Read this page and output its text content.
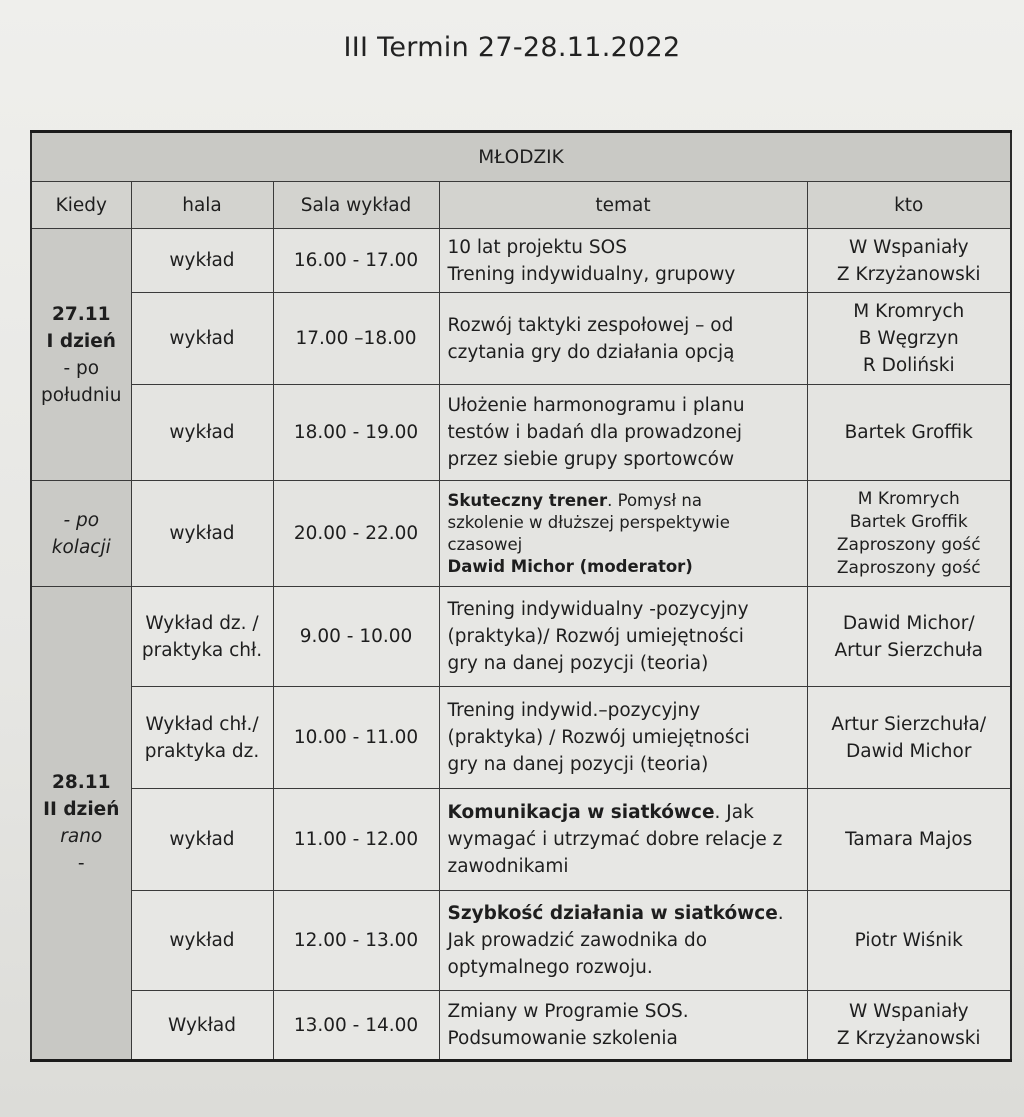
III Termin 27-28.11.2022
MŁODZIK				
Kiedy	hala	Sala wykład	temat	kto

27.11
I dzień
- po południu	wykład	16.00 - 17.00	10 lat projektu SOS
Trening indywidualny, grupowy	W Wspaniały
Z Krzyżanowski

	wykład	17.00 –18.00	Rozwój taktyki zespołowej – od
czytania gry do działania opcją	M Kromrych
B Węgrzyn
R Doliński

	wykład	18.00 - 19.00	Ułożenie harmonogramu i planu
testów i badań dla prowadzonej
przez siebie grupy sportowców	Bartek Groffik

- po
kolacji	wykład	20.00 - 22.00	Skuteczny trener. Pomysł na
szkolenie w dłuższej perspektywie
czasowej
Dawid Michor (moderator)	M Kromrych
Bartek Groffik
Zaproszony gość
Zaproszony gość

28.11
II dzień
rano
-	Wykład dz. /
praktyka chł.	9.00 - 10.00	Trening indywidualny -pozycyjny
(praktyka)/ Rozwój umiejętności
gry na danej pozycji (teoria)	Dawid Michor/
Artur Sierzchuła

	Wykład chł./
praktyka dz.	10.00 - 11.00	Trening indywid.–pozycyjny
(praktyka) / Rozwój umiejętności
gry na danej pozycji (teoria)	Artur Sierzchuła/
Dawid Michor

	wykład	11.00 - 12.00	Komunikacja w siatkówce. Jak
wymagać i utrzymać dobre relacje z
zawodnikami	Tamara Majos

	wykład	12.00 - 13.00	Szybkość działania w siatkówce.
Jak prowadzić zawodnika do
optymalnego rozwoju.	Piotr Wiśnik

	Wykład	13.00 - 14.00	Zmiany w Programie SOS.
Podsumowanie szkolenia	W Wspaniały
Z Krzyżanowski
